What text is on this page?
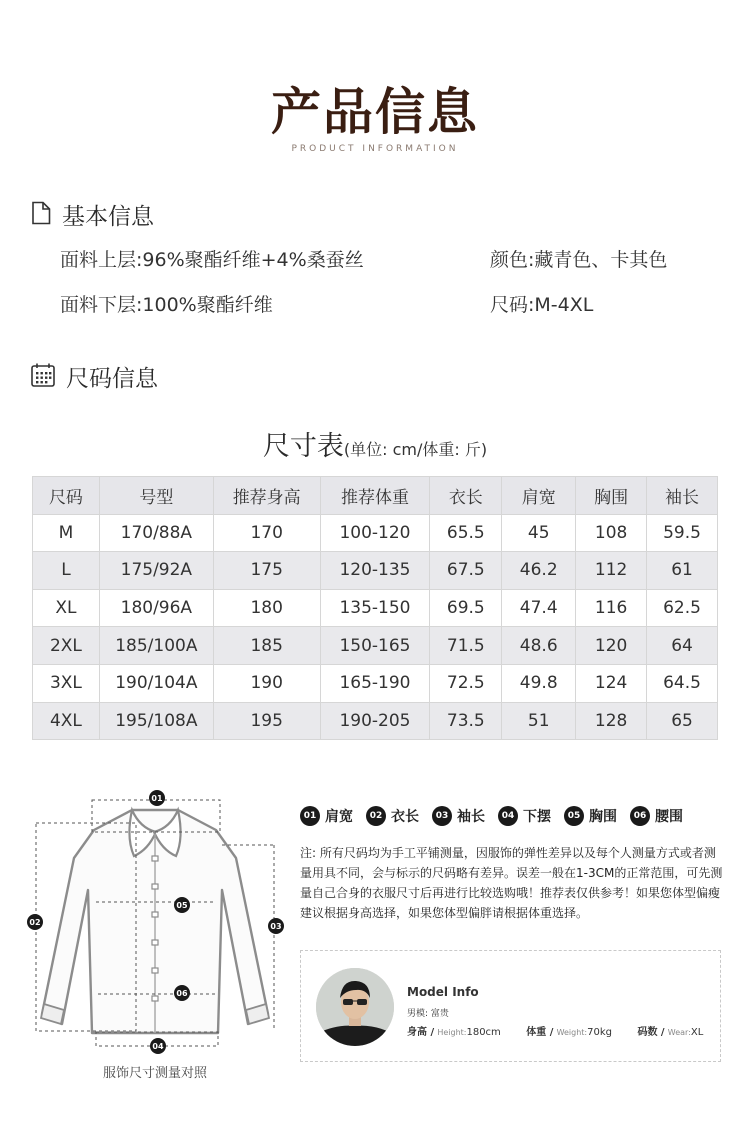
产品信息
PRODUCT INFORMATION
基本信息
面料上层:96%聚酯纤维+4%桑蚕丝	颜色:藏青色、卡其色
面料下层:100%聚酯纤维	尺码:M-4XL
尺码信息
尺寸表(单位: cm/体重: 斤)
尺码	号型	推荐身高	推荐体重	衣长	肩宽	胸围	袖长
M	170/88A	170	100-120	65.5	45	108	59.5
L	175/92A	175	120-135	67.5	46.2	112	61
XL	180/96A	180	135-150	69.5	47.4	116	62.5
2XL	185/100A	185	150-165	71.5	48.6	120	64
3XL	190/104A	190	165-190	72.5	49.8	124	64.5
4XL	195/108A	195	190-205	73.5	51	128	65
01
02	03
04
05
06
服饰尺寸测量对照
01 肩宽	02 衣长	03 袖长	04 下摆	05 胸围	06 腰围
注: 所有尺码均为手工平铺测量，因服饰的弹性差异以及每个人测量方式或者测量用具不同，会与标示的尺码略有差异。误差一般在1-3CM的正常范围，可先测量自己合身的衣服尺寸后再进行比较选购哦！推荐表仅供参考！如果您体型偏瘦建议根据身高选择，如果您体型偏胖请根据体重选择。
Model Info
男模: 富贵
身高 / Height:180cm	体重 / Weight:70kg	码数 / Wear:XL
